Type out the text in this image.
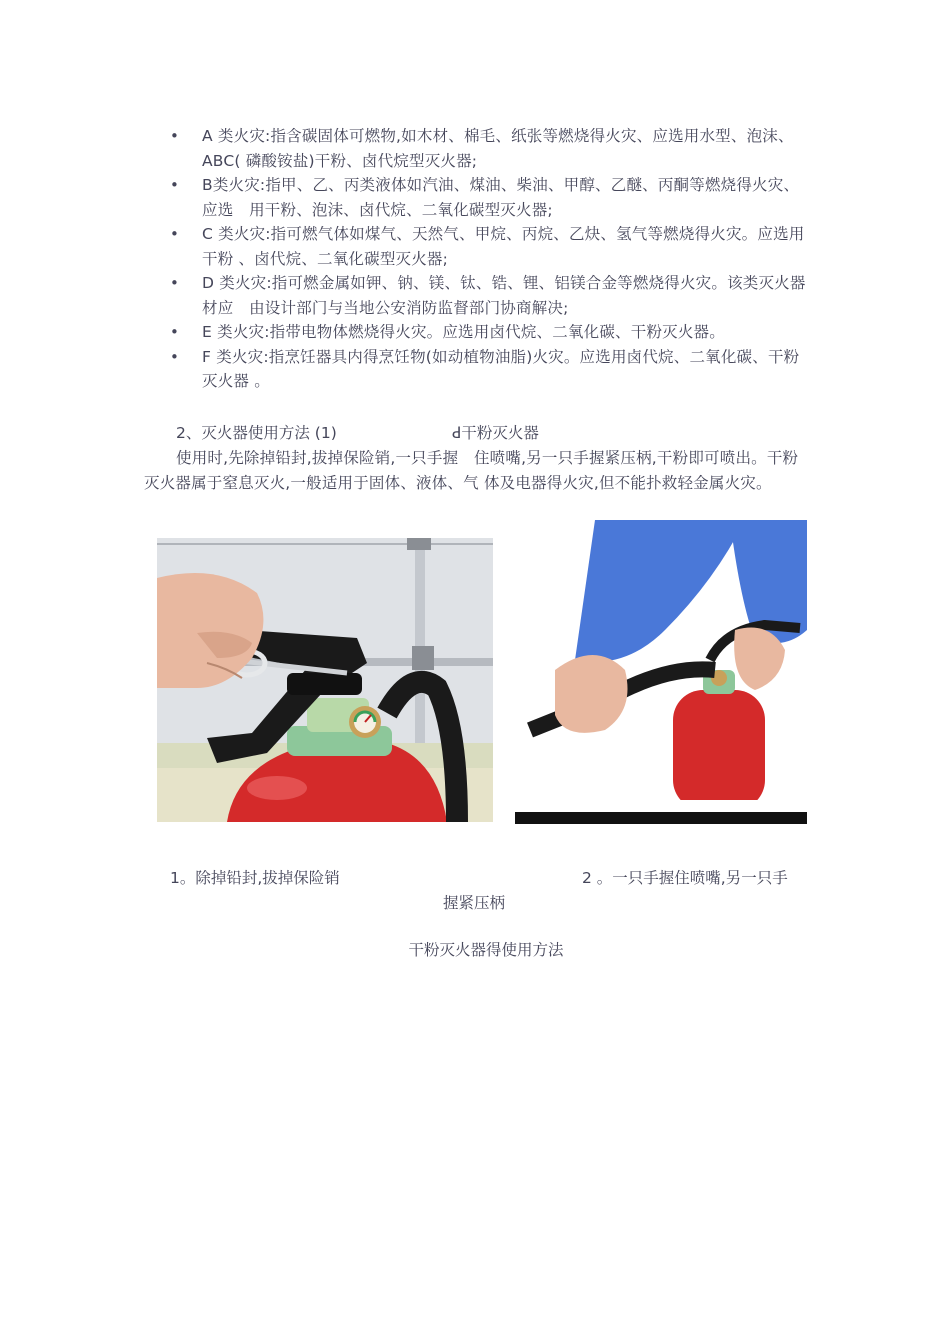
• A 类火灾:指含碳固体可燃物,如木材、棉毛、纸张等燃烧得火灾、应选用水型、泡沫、ABC( 磷酸铵盐)干粉、卤代烷型灭火器;
• B类火灾:指甲、乙、丙类液体如汽油、煤油、柴油、甲醇、乙醚、丙酮等燃烧得火灾、应选　用干粉、泡沫、卤代烷、二氧化碳型灭火器;
• C 类火灾:指可燃气体如煤气、天然气、甲烷、丙烷、乙炔、氢气等燃烧得火灾。应选用干粉 、卤代烷、二氧化碳型灭火器;
• D 类火灾:指可燃金属如钾、钠、镁、钛、锆、锂、铝镁合金等燃烧得火灾。该类灭火器材应　由设计部门与当地公安消防监督部门协商解决;
• E 类火灾:指带电物体燃烧得火灾。应选用卤代烷、二氧化碳、干粉灭火器。
• F 类火灾:指烹饪器具内得烹饪物(如动植物油脂)火灾。应选用卤代烷、二氧化碳、干粉灭火器 。
2、灭火器使用方法 (1)	ꓒ干粉灭火器
使用时,先除掉铅封,拔掉保险销,一只手握　住喷嘴,另一只手握紧压柄,干粉即可喷出。干粉灭火器属于窒息灭火,一般适用于固体、液体、气 体及电器得火灾,但不能扑救轻金属火灾。
1。除掉铅封,拔掉保险销	2 。一只手握住喷嘴,另一只手
握紧压柄
干粉灭火器得使用方法
